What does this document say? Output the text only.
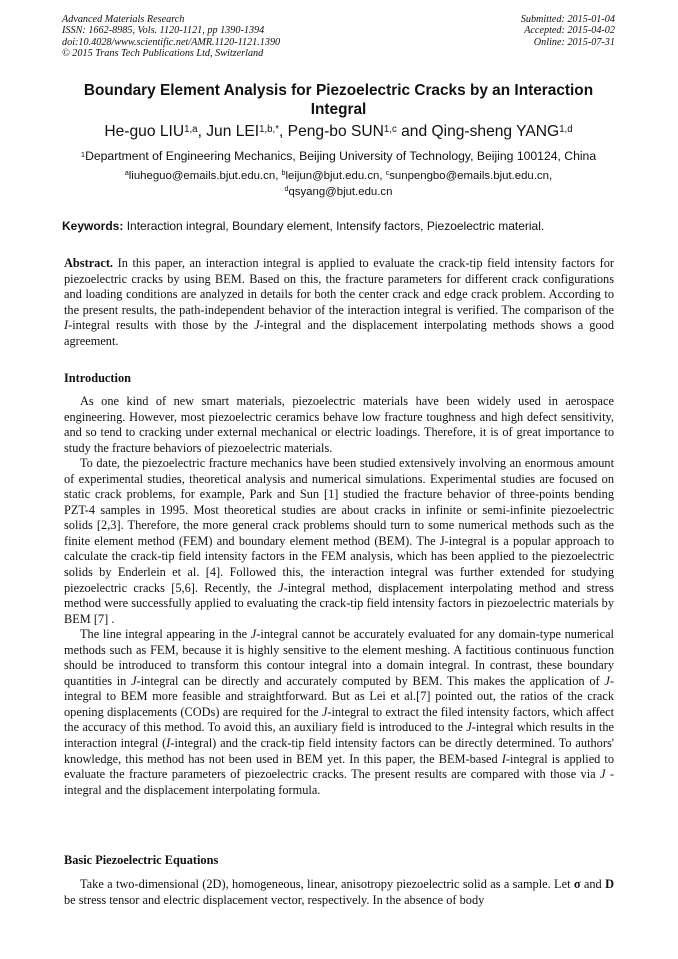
Advanced Materials Research
ISSN: 1662-8985, Vols. 1120-1121, pp 1390-1394
doi:10.4028/www.scientific.net/AMR.1120-1121.1390
© 2015 Trans Tech Publications Ltd, Switzerland
Submitted: 2015-01-04
Accepted: 2015-04-02
Online: 2015-07-31
Boundary Element Analysis for Piezoelectric Cracks by an Interaction Integral
He-guo LIU$^{1,a}$, Jun $LEI^{1,b,*}$, Peng-bo SUN$^{1,c}$ and Qing-sheng YANG$^{1,d}$
$^1$Department of Engineering Mechanics, Beijing University of Technology, Beijing 100124, China
$^a$liuheguo@emails.bjut.edu.cn, $^b$leijun@bjut.edu.cn, $^c$sunpengbo@emails.bjut.edu.cn,
$^d$qsyang@bjut.edu.cn
Keywords: Interaction integral, Boundary element, Intensify factors, Piezoelectric material.
Abstract. In this paper, an interaction integral is applied to evaluate the crack-tip field intensity factors for piezoelectric cracks by using BEM. Based on this, the fracture parameters for different crack configurations and loading conditions are analyzed in details for both the center crack and edge crack problem. According to the present results, the path-independent behavior of the interaction integral is verified. The comparison of the I-integral results with those by the J-integral and the displacement interpolating methods shows a good agreement.
Introduction

As one kind of new smart materials, piezoelectric materials have been widely used in aerospace engineering. However, most piezoelectric ceramics behave low fracture toughness and high defect sensitivity, and so tend to cracking under external mechanical or electric loadings. Therefore, it is of great importance to study the fracture behaviors of piezoelectric materials.

To date, the piezoelectric fracture mechanics have been studied extensively involving an enormous amount of experimental studies, theoretical analysis and numerical simulations. Experimental studies are focused on static crack problems, for example, Park and Sun [1] studied the fracture behavior of three-points bending PZT-4 samples in 1995. Most theoretical studies are about cracks in infinite or semi-infinite piezoelectric solids [2,3]. Therefore, the more general crack problems should turn to some numerical methods such as the finite element method (FEM) and boundary element method (BEM). The J-integral is a popular approach to calculate the crack-tip field intensity factors in the FEM analysis, which has been applied to the piezoelectric solids by Enderlein et al. [4]. Followed this, the interaction integral was further extended for studying piezoelectric cracks [5,6]. Recently, the J-integral method, displacement interpolating method and stress method were successfully applied to evaluating the crack-tip field intensity factors in piezoelectric materials by BEM [7] .

The line integral appearing in the J-integral cannot be accurately evaluated for any domain-type numerical methods such as FEM, because it is highly sensitive to the element meshing. A factitious continuous function should be introduced to transform this contour integral into a domain integral. In contrast, these boundary quantities in J-integral can be directly and accurately computed by BEM. This makes the application of J-integral to BEM more feasible and straightforward. But as Lei et al.[7] pointed out, the ratios of the crack opening displacements (CODs) are required for the J-integral to extract the filed intensity factors, which affect the accuracy of this method. To avoid this, an auxiliary field is introduced to the J-integral which results in the interaction integral (I-integral) and the crack-tip field intensity factors can be directly determined. To authors' knowledge, this method has not been used in BEM yet. In this paper, the BEM-based I-integral is applied to evaluate the fracture parameters of piezoelectric cracks. The present results are compared with those via J -integral and the displacement interpolating formula.

Basic Piezoelectric Equations

Take a two-dimensional (2D), homogeneous, linear, anisotropy piezoelectric solid as a sample. Let σ and D be stress tensor and electric displacement vector, respectively. In the absence of body
